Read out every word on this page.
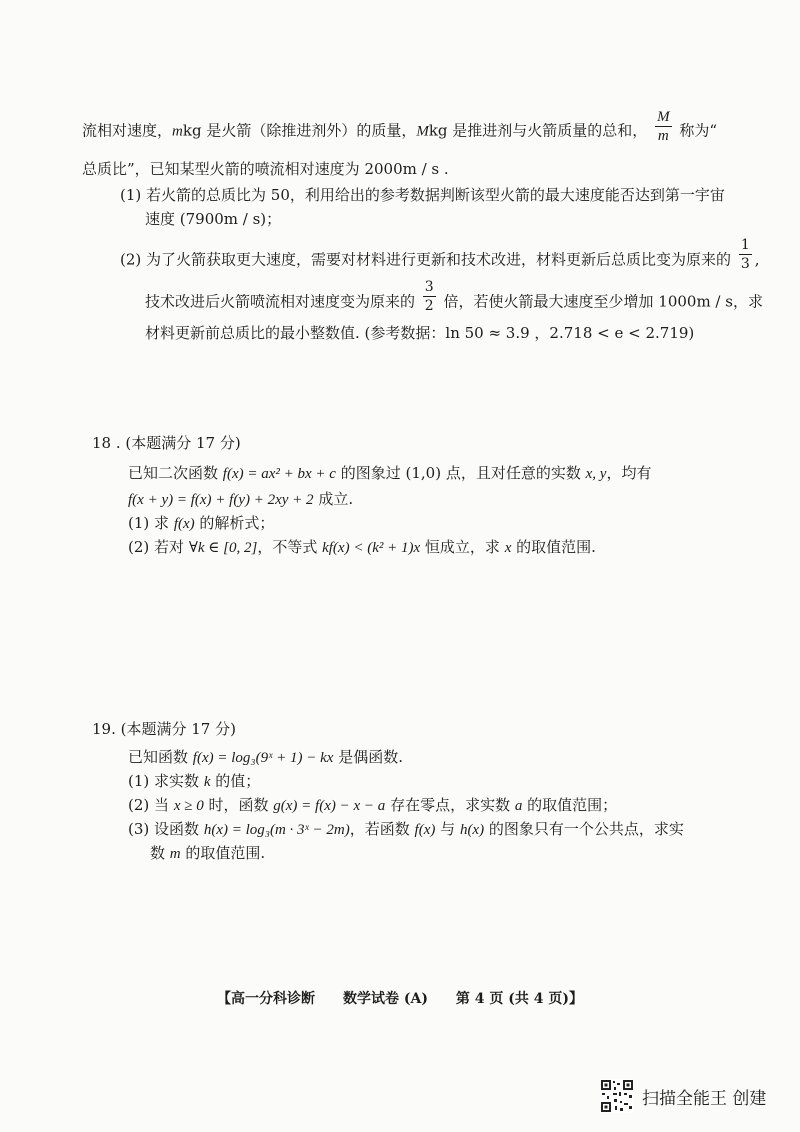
流相对速度，mkg 是火箭（除推进剂外）的质量，Mkg 是推进剂与火箭质量的总和， $\frac{M}{m}$ 称为“
总质比”，已知某型火箭的喷流相对速度为 2000m / s .
(1) 若火箭的总质比为 50，利用给出的参考数据判断该型火箭的最大速度能否达到第一宇宙
速度 (7900m / s)；
(2) 为了火箭获取更大速度，需要对材料进行更新和技术改进，材料更新后总质比变为原来的 $\frac{1}{3}$ ,
技术改进后火箭喷流相对速度变为原来的 $\frac{3}{2}$ 倍，若使火箭最大速度至少增加 1000m / s，求
材料更新前总质比的最小整数值. (参考数据：ln 50 ≈ 3.9 ，2.718 < e < 2.719)
18 . (本题满分 17 分)
已知二次函数 f(x) = ax² + bx + c 的图象过 (1,0) 点，且对任意的实数 x, y，均有
f(x + y) = f(x) + f(y) + 2xy + 2 成立.
(1) 求 f(x) 的解析式；
(2) 若对 ∀k ∈ [0, 2]，不等式 kf(x) < (k² + 1)x 恒成立，求 x 的取值范围.
19. (本题满分 17 分)
已知函数 f(x) = log₃(9ˣ + 1) − kx 是偶函数.
(1) 求实数 k 的值；
(2) 当 x ≥ 0 时，函数 g(x) = f(x) − x − a 存在零点，求实数 a 的取值范围；
(3) 设函数 h(x) = log₃(m · 3ˣ − 2m)，若函数 f(x) 与 h(x) 的图象只有一个公共点，求实
数 m 的取值范围.
【高一分科诊断　　数学试卷 (A)　　第 4 页 (共 4 页)】
扫描全能王 创建
